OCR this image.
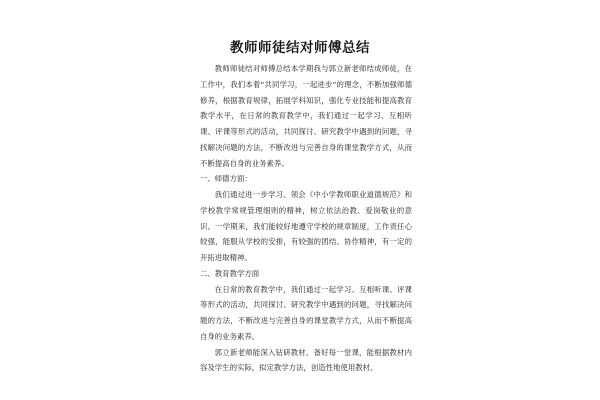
教师师徒结对师傅总结

教师师徒结对师傅总结本学期我与郭立新老师结成师徒，在工作中，我们本着“共同学习，一起进步”的理念，不断加强师德修养，根据教育规律，拓展学科知识，强化专业技能和提高教育教学水平，在日常的教育教学中，我们通过一起学习、互相听课、评课等形式的活动，共同探讨、研究教学中遇到的问题，寻找解决问题的方法，不断改进与完善自身的课堂教学方式，从而不断提高自身的业务素养。

一、师德方面：

我们通过进一步学习、领会《中小学教师职业道德规范》和学校教学常规管理细则的精神，树立依法治教、爱岗敬业的意识。一学期来，我们能较好地遵守学校的规章制度，工作责任心较强，能服从学校的安排，有较强的团结、协作精神，有一定的开拓进取精神。

二、教育教学方面

在日常的教育教学中，我们通过一起学习、互相听课、评课等形式的活动，共同探讨、研究教学中遇到的问题，寻找解决问题的方法，不断改进与完善自身的课堂教学方式，从而不断提高自身的业务素养。

郭立新老师能深入钻研教材，备好每一堂课，能根据教材内容及学生的实际，拟定教学方法，创造性地使用教材。
